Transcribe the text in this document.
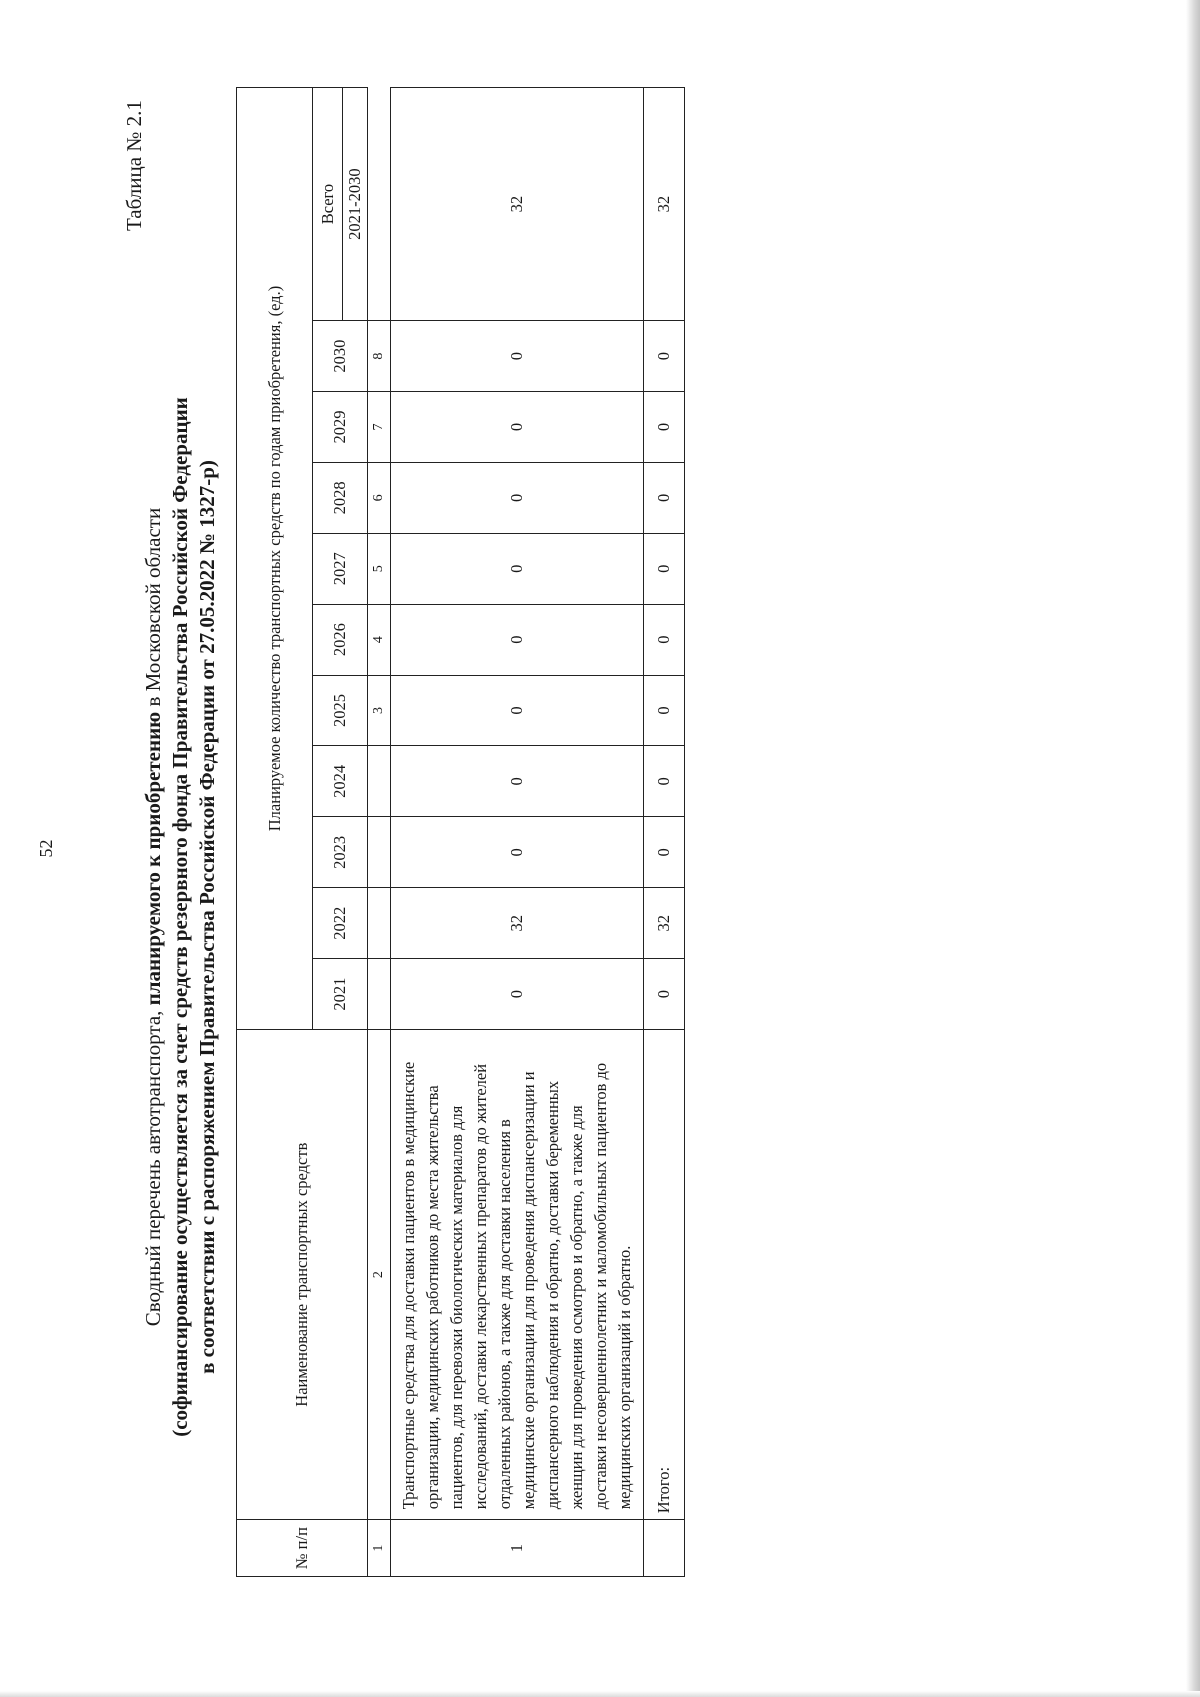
52
Таблица № 2.1
Сводный перечень автотранспорта, планируемого к приобретению в Московской области
(софинансирование осуществляется за счет средств резервного фонда Правительства Российской Федерации в соответствии с распоряжением Правительства Российской Федерации от 27.05.2022 № 1327-р)
№ п/п	Наименование транспортных средств	Планируемое количество транспортных средств по годам приобретения, (ед.)										
		2021	2022	2023	2024	2025	2026	2027	2028	2029	2030	Всего
												2021-2030
1	2					3	4	5	6	7	8	
1	Транспортные средства для доставки пациентов в медицинские организации, медицинских работников до места жительства пациентов, для перевозки биологических материалов для исследований, доставки лекарственных препаратов до жителей отдаленных районов, а также для доставки населения в медицинские организации для проведения диспансеризации и диспансерного наблюдения и обратно, доставки беременных женщин для проведения осмотров и обратно, а также для доставки несовершеннолетних и маломобильных пациентов до медицинских организаций и обратно.	0	32	0	0	0	0	0	0	0	0	32
	Итого:	0	32	0	0	0	0	0	0	0	0	32
